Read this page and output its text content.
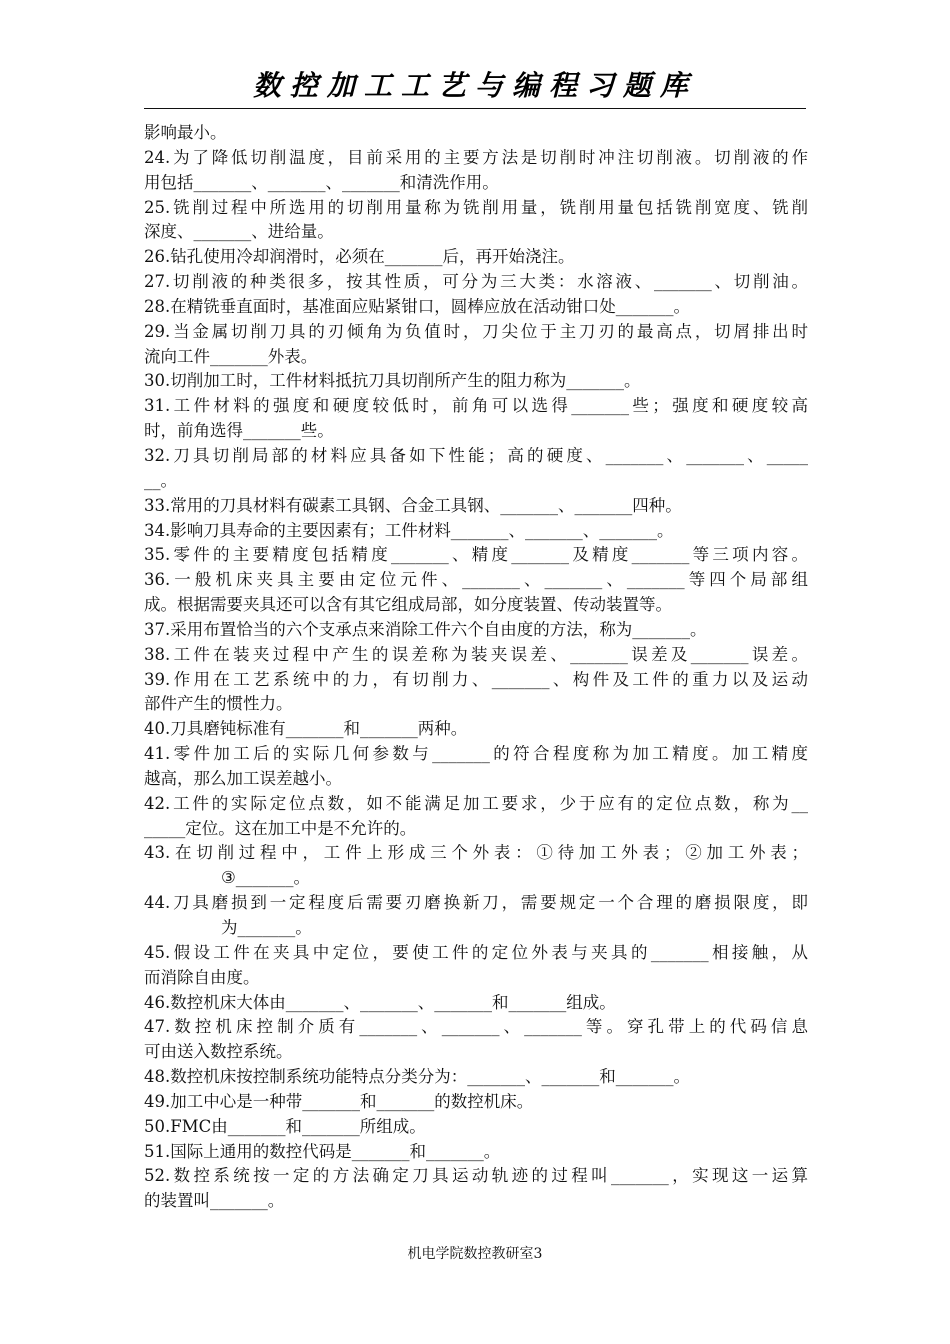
数控加工工艺与编程习题库
影响最小。
24.为了降低切削温度，目前采用的主要方法是切削时冲注切削液。切削液的作
用包括_______、_______、_______和清洗作用。
25.铣削过程中所选用的切削用量称为铣削用量，铣削用量包括铣削宽度、铣削
深度、_______、进给量。
26.钻孔使用冷却润滑时，必须在_______后，再开始浇注。
27.切削液的种类很多，按其性质，可分为三大类：水溶液、_______、切削油。
28.在精铣垂直面时，基准面应贴紧钳口，圆棒应放在活动钳口处_______。
29.当金属切削刀具的刃倾角为负值时，刀尖位于主刀刃的最高点，切屑排出时
流向工件_______外表。
30.切削加工时，工件材料抵抗刀具切削所产生的阻力称为_______。
31.工件材料的强度和硬度较低时，前角可以选得_______些；强度和硬度较高
时，前角选得_______些。
32.刀具切削局部的材料应具备如下性能；高的硬度、_______、_______、_____
__。
33.常用的刀具材料有碳素工具钢、合金工具钢、_______、_______四种。
34.影响刀具寿命的主要因素有；工件材料_______、_______、_______。
35.零件的主要精度包括精度_______、精度_______及精度_______等三项内容。
36.一般机床夹具主要由定位元件、_______、_______、_______等四个局部组
成。根据需要夹具还可以含有其它组成局部，如分度装置、传动装置等。
37.采用布置恰当的六个支承点来消除工件六个自由度的方法，称为_______。
38.工件在装夹过程中产生的误差称为装夹误差、_______误差及_______误差。
39.作用在工艺系统中的力，有切削力、_______、构件及工件的重力以及运动
部件产生的惯性力。
40.刀具磨钝标准有_______和_______两种。
41.零件加工后的实际几何参数与_______的符合程度称为加工精度。加工精度
越高，那么加工误差越小。
42.工件的实际定位点数，如不能满足加工要求，少于应有的定位点数，称为__
_____定位。这在加工中是不允许的。
43.在切削过程中，工件上形成三个外表：①待加工外表；②加工外表；
③_______。
44.刀具磨损到一定程度后需要刃磨换新刀，需要规定一个合理的磨损限度，即
为_______。
45.假设工件在夹具中定位，要使工件的定位外表与夹具的_______相接触，从
而消除自由度。
46.数控机床大体由_______、_______、_______和_______组成。
47.数控机床控制介质有_______、_______、_______等。穿孔带上的代码信息
可由送入数控系统。
48.数控机床按控制系统功能特点分类分为：_______、_______和_______。
49.加工中心是一种带_______和_______的数控机床。
50.FMC由_______和_______所组成。
51.国际上通用的数控代码是_______和_______。
52.数控系统按一定的方法确定刀具运动轨迹的过程叫_______，实现这一运算
的装置叫_______。
机电学院数控教研室3
